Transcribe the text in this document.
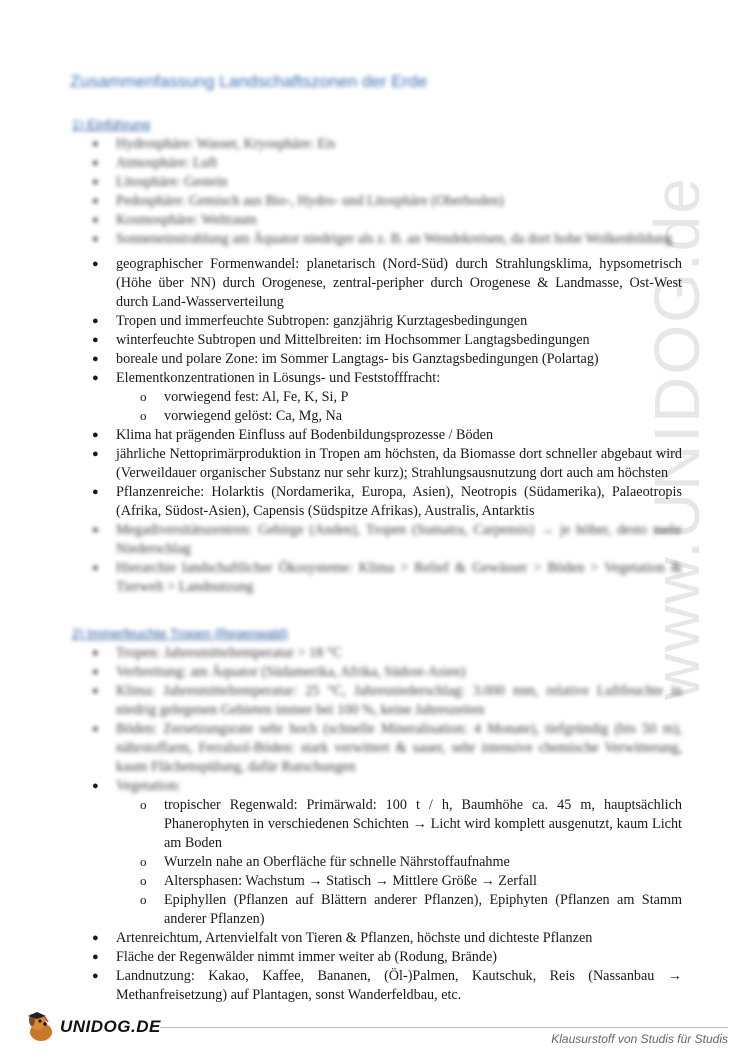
www.UNIDOG.de
Zusammenfassung Landschaftszonen der Erde
1) Einführung
● Hydrosphäre: Wasser, Kryosphäre: Eis
● Atmosphäre: Luft
● Litosphäre: Gestein
● Pedosphäre: Gemisch aus Bio-, Hydro- und Litosphäre (Oberboden)
● Kosmosphäre: Weltraum
● Sonneneinstrahlung am Äquator niedriger als z. B. an Wendekreisen, da dort hohe Wolkenbildung
● geographischer Formenwandel: planetarisch (Nord-Süd) durch Strahlungsklima, hypsometrisch (Höhe über NN) durch Orogenese, zentral-peripher durch Orogenese & Landmasse, Ost-West durch Land-Wasserverteilung
● Tropen und immerfeuchte Subtropen: ganzjährig Kurztagesbedingungen
● winterfeuchte Subtropen und Mittelbreiten: im Hochsommer Langtagsbedingungen
● boreale und polare Zone: im Sommer Langtags- bis Ganztagsbedingungen (Polartag)
● Elementkonzentrationen in Lösungs- und Feststofffracht:
o vorwiegend fest: Al, Fe, K, Si, P
o vorwiegend gelöst: Ca, Mg, Na
● Klima hat prägenden Einfluss auf Bodenbildungsprozesse / Böden
● jährliche Nettoprimärproduktion in Tropen am höchsten, da Biomasse dort schneller abgebaut wird (Verweildauer organischer Substanz nur sehr kurz); Strahlungsausnutzung dort auch am höchsten
● Pflanzenreiche: Holarktis (Nordamerika, Europa, Asien), Neotropis (Südamerika), Palaeotropis (Afrika, Südost-Asien), Capensis (Südspitze Afrikas), Australis, Antarktis
● Megadiversitätszentren: Gebirge (Anden), Tropen (Sumatra, Carpensis) → je höher, desto mehr Niederschlag
● Hierarchie landschaftlicher Ökosysteme: Klima > Relief & Gewässer > Böden > Vegetation & Tierwelt > Landnutzung
2) Immerfeuchte Tropen (Regenwald)
● Tropen: Jahresmitteltemperatur > 18 °C
● Verbreitung: am Äquator (Südamerika, Afrika, Südost-Asien)
● Klima: Jahresmitteltemperatur: 25 °C, Jahresniederschlag: 3.000 mm, relative Luftfeuchte in niedrig gelegenen Gebieten immer bei 100 %, keine Jahreszeiten
● Böden: Zersetzungsrate sehr hoch (schnelle Mineralisation: 4 Monate), tiefgründig (bis 50 m), nährstoffarm, Ferralsol-Böden: stark verwittert & sauer, sehr intensive chemische Verwitterung, kaum Flächenspülung, dafür Rutschungen
● Vegetation:
o tropischer Regenwald: Primärwald: 100 t / h, Baumhöhe ca. 45 m, hauptsächlich Phanerophyten in verschiedenen Schichten → Licht wird komplett ausgenutzt, kaum Licht am Boden
o Wurzeln nahe an Oberfläche für schnelle Nährstoffaufnahme
o Altersphasen: Wachstum → Statisch → Mittlere Größe → Zerfall
o Epiphyllen (Pflanzen auf Blättern anderer Pflanzen), Epiphyten (Pflanzen am Stamm anderer Pflanzen)
● Artenreichtum, Artenvielfalt von Tieren & Pflanzen, höchste und dichteste Pflanzen
● Fläche der Regenwälder nimmt immer weiter ab (Rodung, Brände)
● Landnutzung: Kakao, Kaffee, Bananen, (Öl-)Palmen, Kautschuk, Reis (Nassanbau → Methanfreisetzung) auf Plantagen, sonst Wanderfeldbau, etc.
UNIDOG.DE
Klausurstoff von Studis für Studis
